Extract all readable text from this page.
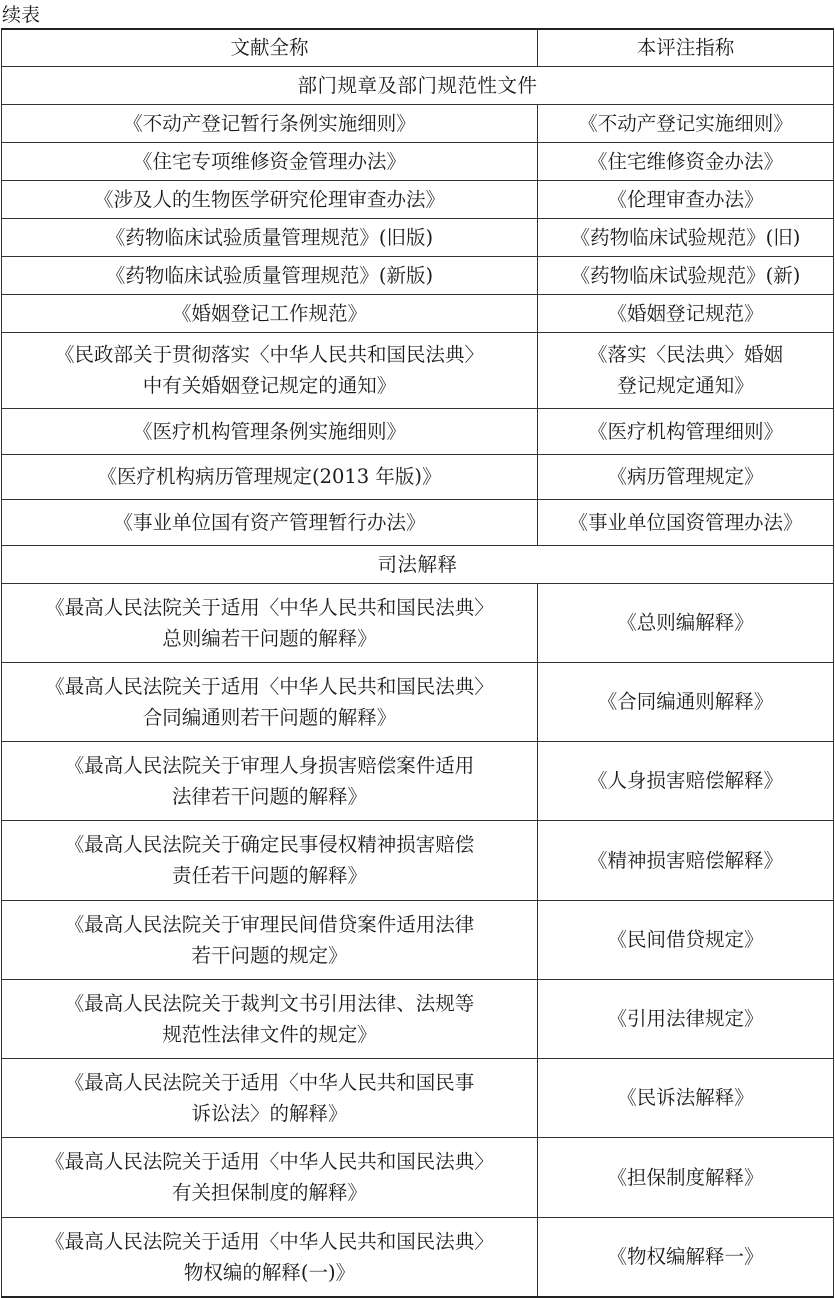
续表
文献全称	本评注指称
部门规章及部门规范性文件	

《不动产登记暂行条例实施细则》	《不动产登记实施细则》

《住宅专项维修资金管理办法》	《住宅维修资金办法》

《涉及人的生物医学研究伦理审查办法》	《伦理审查办法》

《药物临床试验质量管理规范》(旧版)	《药物临床试验规范》(旧)

《药物临床试验质量管理规范》(新版)	《药物临床试验规范》(新)

《婚姻登记工作规范》	《婚姻登记规范》

《民政部关于贯彻落实〈中华人民共和国民法典〉
中有关婚姻登记规定的通知》	《落实〈民法典〉婚姻
登记规定通知》

《医疗机构管理条例实施细则》	《医疗机构管理细则》

《医疗机构病历管理规定(2013 年版)》	《病历管理规定》

《事业单位国有资产管理暂行办法》	《事业单位国资管理办法》

司法解释	

《最高人民法院关于适用〈中华人民共和国民法典〉
总则编若干问题的解释》	《总则编解释》

《最高人民法院关于适用〈中华人民共和国民法典〉
合同编通则若干问题的解释》	《合同编通则解释》

《最高人民法院关于审理人身损害赔偿案件适用
法律若干问题的解释》	《人身损害赔偿解释》

《最高人民法院关于确定民事侵权精神损害赔偿
责任若干问题的解释》	《精神损害赔偿解释》

《最高人民法院关于审理民间借贷案件适用法律
若干问题的规定》	《民间借贷规定》

《最高人民法院关于裁判文书引用法律、法规等
规范性法律文件的规定》	《引用法律规定》

《最高人民法院关于适用〈中华人民共和国民事
诉讼法〉的解释》	《民诉法解释》

《最高人民法院关于适用〈中华人民共和国民法典〉
有关担保制度的解释》	《担保制度解释》

《最高人民法院关于适用〈中华人民共和国民法典〉
物权编的解释(一)》	《物权编解释一》
